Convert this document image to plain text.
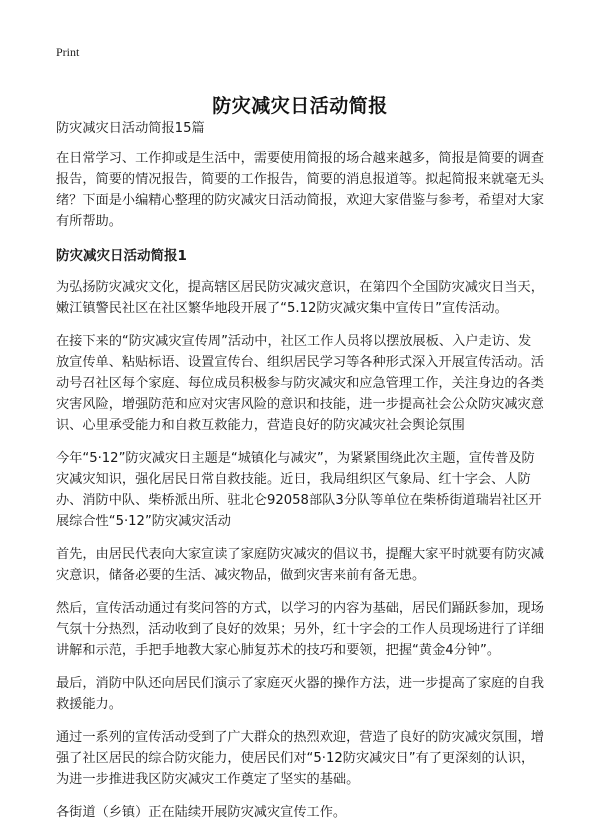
Print
防灾减灾日活动简报

防灾减灾日活动简报15篇

在日常学习、工作抑或是生活中，需要使用简报的场合越来越多，简报是简要的调查报告，简要的情况报告，简要的工作报告，简要的消息报道等。拟起简报来就毫无头绪？下面是小编精心整理的防灾减灾日活动简报，欢迎大家借鉴与参考，希望对大家有所帮助。

防灾减灾日活动简报1

为弘扬防灾减灾文化，提高辖区居民防灾减灾意识，在第四个全国防灾减灾日当天，嫩江镇警民社区在社区繁华地段开展了“5.12防灾减灾集中宣传日”宣传活动。

在接下来的“防灾减灾宣传周”活动中，社区工作人员将以摆放展板、入户走访、发放宣传单、粘贴标语、设置宣传台、组织居民学习等各种形式深入开展宣传活动。活动号召社区每个家庭、每位成员积极参与防灾减灾和应急管理工作，关注身边的各类灾害风险，增强防范和应对灾害风险的意识和技能，进一步提高社会公众防灾减灾意识、心里承受能力和自救互救能力，营造良好的防灾减灾社会舆论氛围

今年“5·12”防灾减灾日主题是“城镇化与减灾”，为紧紧围绕此次主题，宣传普及防灾减灾知识，强化居民日常自救技能。近日，我局组织区气象局、红十字会、人防办、消防中队、柴桥派出所、驻北仑92058部队3分队等单位在柴桥街道瑞岩社区开展综合性“5·12”防灾减灾活动

首先，由居民代表向大家宣读了家庭防灾减灾的倡议书，提醒大家平时就要有防灾减灾意识，储备必要的生活、减灾物品，做到灾害来前有备无患。

然后，宣传活动通过有奖问答的方式，以学习的内容为基础，居民们踊跃参加，现场气氛十分热烈，活动收到了良好的效果；另外，红十字会的工作人员现场进行了详细讲解和示范，手把手地教大家心肺复苏术的技巧和要领，把握“黄金4分钟”。

最后，消防中队还向居民们演示了家庭灭火器的操作方法，进一步提高了家庭的自我救援能力。

通过一系列的宣传活动受到了广大群众的热烈欢迎，营造了良好的防灾减灾氛围，增强了社区居民的综合防灾能力，使居民们对“5·12防灾减灾日”有了更深刻的认识，为进一步推进我区防灾减灾工作奠定了坚实的基础。

各街道（乡镇）正在陆续开展防灾减灾宣传工作。
